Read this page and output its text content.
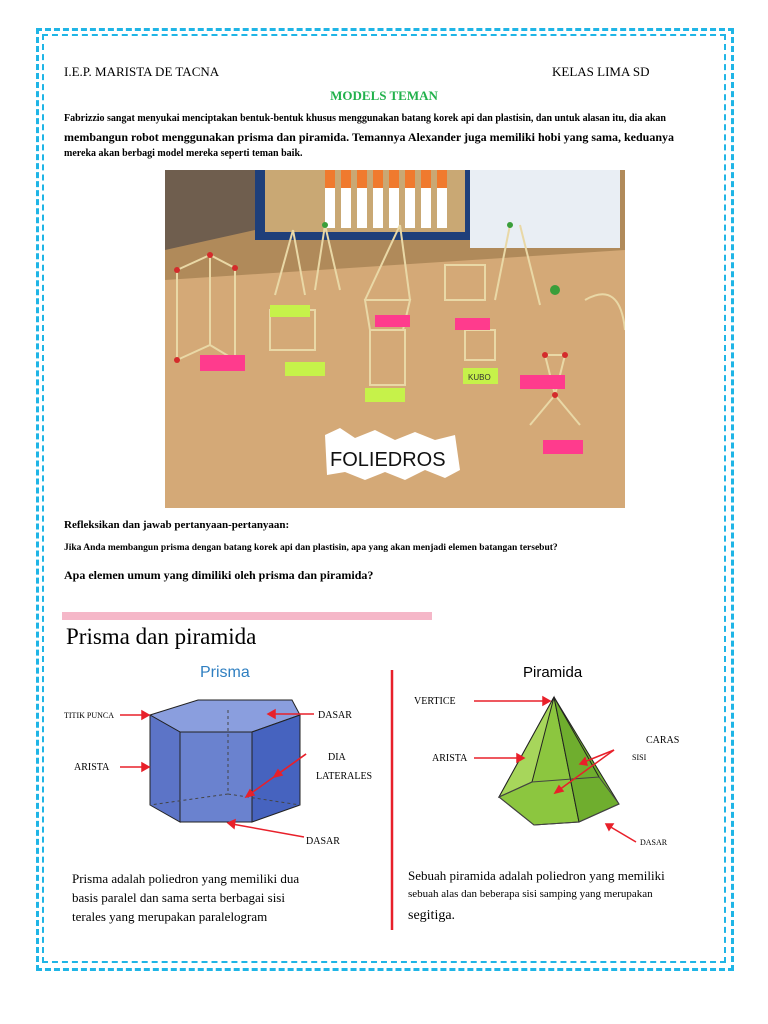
I.E.P. MARISTA DE TACNA	KELAS LIMA SD
MODELS TEMAN
Fabrizzio sangat menyukai menciptakan bentuk-bentuk khusus menggunakan batang korek api dan plastisin, dan untuk alasan itu, dia akan
membangun robot menggunakan prisma dan piramida. Temannya Alexander juga memiliki hobi yang sama, keduanya
mereka akan berbagi model mereka seperti teman baik.
KUBO
FOLIEDROS
Refleksikan dan jawab pertanyaan-pertanyaan:
Jika Anda membangun prisma dengan batang korek api dan plastisin, apa yang akan menjadi elemen batangan tersebut?
Apa elemen umum yang dimiliki oleh prisma dan piramida?
Prisma dan piramida
Prisma	Piramida
TITIK PUNCA
ARISTA
DASAR
DIA
LATERALES
DASAR
VERTICE
ARISTA
CARAS
SISI
DASAR
Prisma adalah poliedron yang memiliki dua
basis paralel dan sama serta berbagai sisi
terales yang merupakan paralelogram
Sebuah piramida adalah poliedron yang memiliki
sebuah alas dan beberapa sisi samping yang merupakan
segitiga.
